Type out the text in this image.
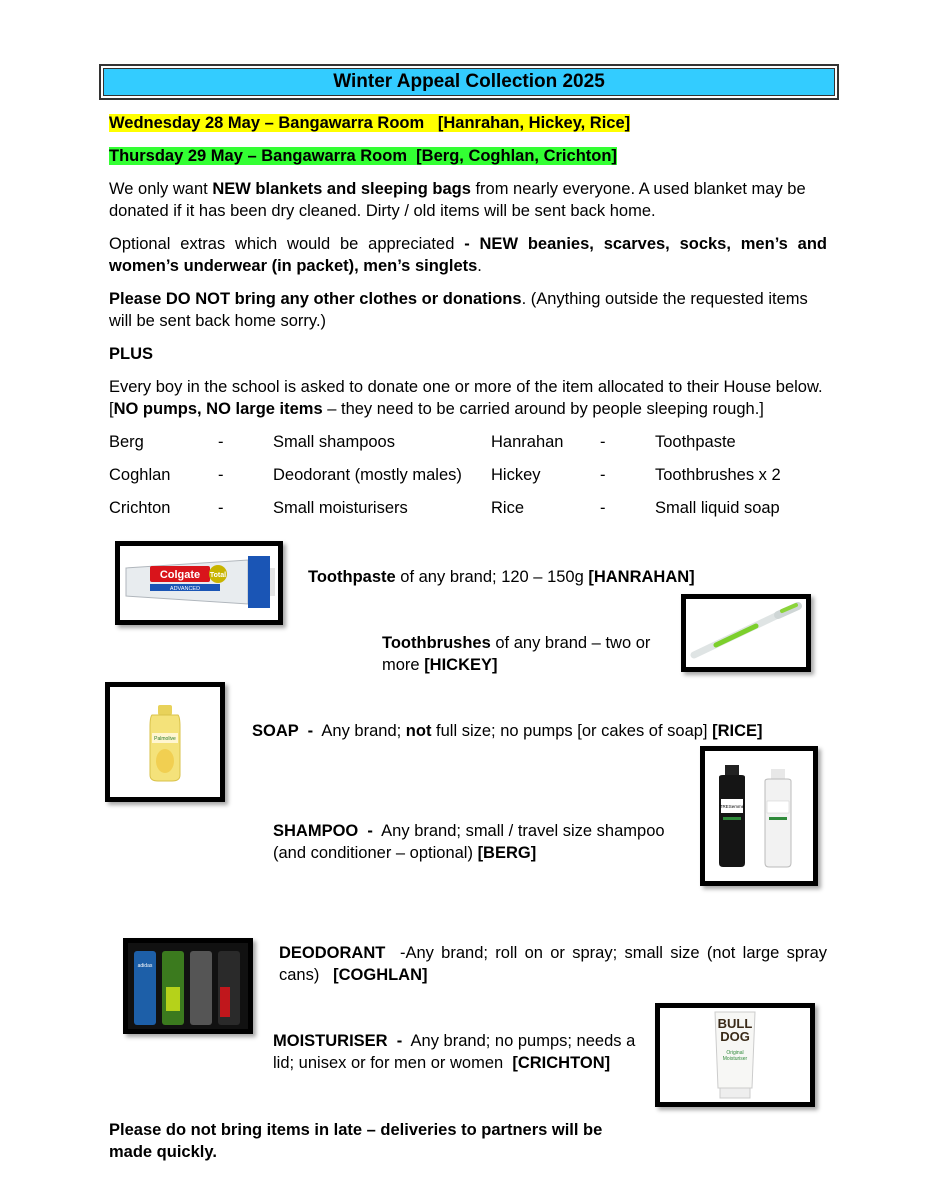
Winter Appeal Collection 2025
Wednesday 28 May – Bangawarra Room   [Hanrahan, Hickey, Rice]
Thursday 29 May – Bangawarra Room  [Berg, Coghlan, Crichton]
We only want NEW blankets and sleeping bags from nearly everyone. A used blanket may be donated if it has been dry cleaned. Dirty / old items will be sent back home.
Optional extras which would be appreciated - NEW beanies, scarves, socks, men’s and women’s underwear (in packet), men’s singlets.
Please DO NOT bring any other clothes or donations. (Anything outside the requested items will be sent back home sorry.)
PLUS
Every boy in the school is asked to donate one or more of the item allocated to their House below. [NO pumps, NO large items – they need to be carried around by people sleeping rough.]
Berg	-	Small shampoos	Hanrahan -	Toothpaste
Coghlan	-	Deodorant (mostly males) Hickey	-	Toothbrushes x 2
Crichton	-	Small moisturisers	Rice	-	Small liquid soap
Colgate Total
ADVANCED
Toothpaste of any brand; 120 – 150g [HANRAHAN]
Toothbrushes of any brand – two or more [HICKEY]
Palmolive	SOAP  -  Any brand; not full size; no pumps [or cakes of soap] [RICE]
SHAMPOO  -  Any brand; small / travel size shampoo (and conditioner – optional) [BERG]
TRESemmé
adidas
DEODORANT  -Any brand; roll on or spray; small size (not large spray cans)   [COGHLAN]
MOISTURISER  -  Any brand; no pumps; needs a lid; unisex or for men or women  [CRICHTON]
BULL
DOG
Original
Moisturiser
Please do not bring items in late – deliveries to partners will be made quickly.
